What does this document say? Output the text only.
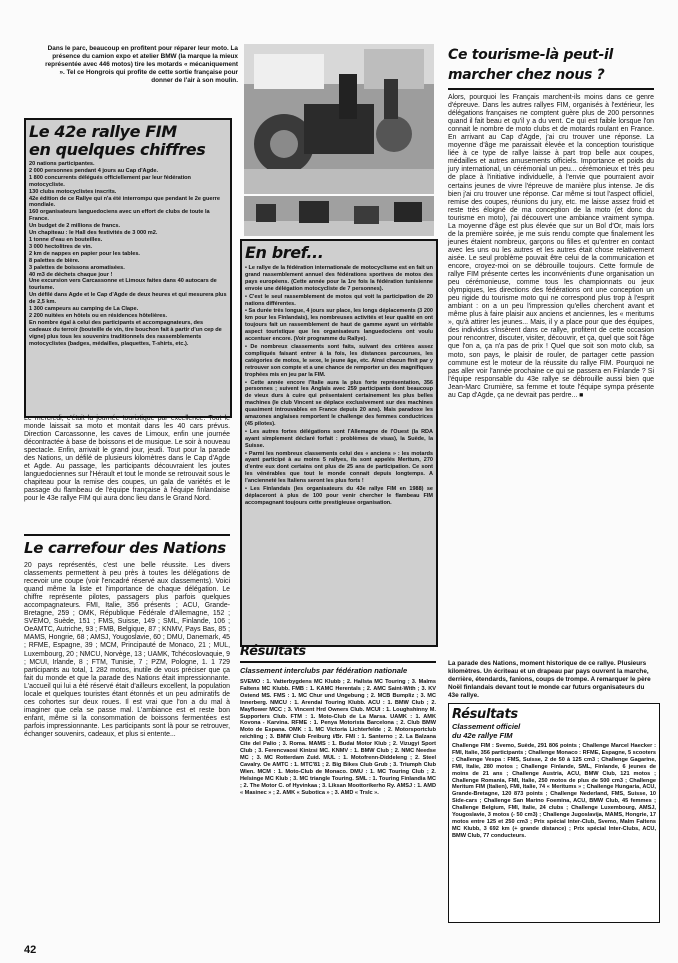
Dans le parc, beaucoup en profitent pour réparer leur moto. La présence du camion expo et atelier BMW (la marque la mieux représentée avec 446 motos) tire les motards « mécaniquement ». Tel ce Hongrois qui profite de cette sortie française pour donner de l'air à son moulin.
Le 42e rallye FIM
en quelques chiffres
20 nations participantes.
2 000 personnes pendant 4 jours au Cap d'Agde.
1 800 concurrents délégués officiellement par leur fédération motocycliste.
130 clubs motocyclistes inscrits.
42e édition de ce Rallye qui n'a été interrompu que pendant le 2e guerre mondiale.
160 organisateurs languedociens avec un effort de clubs de toute la France.
Un budget de 2 millions de francs.
Un chapiteau : le Hall des festivités de 3 000 m2.
1 tonne d'eau en bouteilles.
3 000 hectolitres de vin.
2 km de nappes en papier pour les tables.
8 palettes de bière.
3 palettes de boissons aromatisées.
40 m3 de déchets chaque jour !
Une excursion vers Carcassonne et Limoux faites dans 40 autocars de tourisme.
Un défilé dans Agde et le Cap d'Agde de deux heures et qui mesurera plus de 2,5 km.
1 300 campeurs au camping de La Clape.
2 200 nuitées en hôtels ou en résidences hôtelières.
En nombre égal à celui des participants et accompagnateurs, des cadeaux du terroir (bouteille de vin, tire bouchon fait à partir d'un cep de vigne) plus tous les souvenirs traditionnels des rassemblements motocyclistes (badges, médailles, plaquettes, T-shirts, etc.).
Le mercredi, c'était la journée touristique par excellence. Tout le monde laissait sa moto et montait dans les 40 cars prévus. Direction Carcassonne, les caves de Limoux, enfin une journée décontractée à base de boissons et de musique. Le soir à nouveau spectacle. Enfin, arrivait le grand jour, jeudi. Tout pour la parade des Nations, un défilé de plusieurs kilomètres dans le Cap d'Agde et Agde. Au passage, les participants découvraient les joutes languedociennes sur l'Hérault et tout le monde se retrouvait sous le chapiteau pour la remise des coupes, un gala de variétés et le passage du flambeau de l'équipe française à l'équipe finlandaise pour le 43e rallye FIM qui aura donc lieu dans le Grand Nord.
Le carrefour des Nations
20 pays représentés, c'est une belle réussite. Les divers classements permettent à peu près à toutes les délégations de recevoir une coupe (voir l'encadré réservé aux classements). Voici quand même la liste et l'importance de chaque délégation. Le chiffre représente pilotes, passagers plus parfois quelques accompagnateurs. FMI, Italie, 356 présents ; ACU, Grande-Bretagne, 259 ; OMK, République Fédérale d'Allemagne, 152 ; SVEMO, Suède, 151 ; FMS, Suisse, 149 ; SML, Finlande, 106 ; OeAMTC, Autriche, 93 ; FMB, Belgique, 87 ; KNMV, Pays Bas, 85 ; MAMS, Hongrie, 68 ; AMSJ, Yougoslavie, 60 ; DMU, Danemark, 45 ; RFME, Espagne, 39 ; MCM, Principauté de Monaco, 21 ; MUL, Luxembourg, 20 ; NMCU, Norvège, 13 ; UAMK, Tchécoslovaquie, 9 ; MCUI, Irlande, 8 ; FTM, Tunisie, 7 ; PZM, Pologne, 1. 1 729 participants au total, 1 282 motos, inutile de vous préciser que ça fait du monde et que la parade des Nations était impressionnante. L'accueil qui lui a été réservé était d'ailleurs excellent, la population locale et quelques touristes étant étonnés et un peu admiratifs de ces cohortes sur deux roues. Il est vrai que l'on a du mal à imaginer que cela se passe mal. L'ambiance est et reste bon enfant, même si la consommation de boissons fermentées est parfois impressionnante. Les participants sont là pour se retrouver, échanger souvenirs, cadeaux, et plus si entente...
En bref...

• Le rallye de la fédération internationale de motocyclisme est en fait un grand rassemblement annuel des fédérations sportives de motos des pays européens. (Cette année pour la 1re fois la fédération tunisienne envoie une délégation motocycliste de 7 personnes).

• C'est le seul rassemblement de motos qui voit la participation de 20 nations différentes.

• Sa durée très longue, 4 jours sur place, les longs déplacements (3 200 km pour les Finlandais), les nombreuses activités et leur qualité en ont toujours fait un rassemblement de haut de gamme ayant un véritable aspect touristique que les organisateurs languedociens ont voulu accentuer encore. (Voir programme du Rallye).

• De nombreux classements sont faits, suivant des critères assez compliqués faisant entrer à la fois, les distances parcourues, les catégories de motos, le sexe, le jeune âge, etc. Ainsi chacun finit par y retrouver son compte et a une chance de remporter un des magnifiques trophées mis en jeu par la FIM.

• Cette année encore l'Italie aura la plus forte représentation, 356 personnes ; suivent les Anglais avec 259 participants dont beaucoup de vieux durs à cuire qui présentaient certainement les plus belles machines (le club Vincent se déplace exclusivement sur des machines quasiment introuvables en France depuis 20 ans). Mais paradoxe les amazones anglaises remportent le challenge des femmes conductrices (45 pilotes).

• Les autres fortes délégations sont l'Allemagne de l'Ouest (la RDA ayant simplement déclaré forfait : problèmes de visas), la Suède, la Suisse.

• Parmi les nombreux classements celui des « anciens » : les motards ayant participé à au moins 5 rallyes, ils sont appelés Meritum, 270 d'entre eux dont certains ont plus de 25 ans de participation. Ce sont les vénérables que tout le monde connait depuis longtemps. A l'ancienneté les Italiens seront les plus forts !

• Les Finlandais (les organisateurs du 43e rallye FIM en 1988) se déplaceront à plus de 100 pour venir chercher le flambeau FIM accompagnant toujours cette prestigieuse organisation.

Résultats
Classement interclubs par fédération nationale
SVEMO : 1. Vatterbygdens MC Klubb ; 2. Hallsta MC Touring ; 3. Malms Faltens MC Klubb. FMB : 1. KAMC Herentals ; 2. AMC Saint-With ; 3. KV Ostend MS. FMS : 1. MC Chur und Ungebung ; 2. MCB Bumpliz ; 3. MC Innerberg. NMCU : 1. Arendal Touring Klubb. ACU : 1. BMW Club ; 2. Mayflower MCC ; 3. Vincent Hrd Owners Club. MCUI : 1. Loughshinny M. Supporters Club. FTM : 1. Moto-Club de La Marsa. UAMK : 1. AMK Kovona - Karvina. RFME : 1. Penya Motorista Barcelona ; 2. Club BMW Moto de Espana. OMK : 1. MC Victoria Lichterfelde ; 2. Motorsportclub reichling ; 3. BMW Club Freiburg i/Br. FMI : 1. Santerno ; 2. La Balzana Cite del Palio ; 3. Roma. MAMS : 1. Budai Motor Klub ; 2. Vizugyi Sport Club ; 3. Ferencvaosi Kinizsi MC. KNMV : 1. BMW Club ; 2. NMC Needse MC ; 3. MC Rotterdam Zuid. MUL : 1. Motofrenn-Diddeleng ; 2. Steel Cavalry. Oe AMTC : 1. MTC'81 ; 2. Big Bikes Club Grub ; 3. Triumph Club Wien. MCM : 1. Moto-Club de Monaco. DMU : 1. MC Touring Club ; 2. Helsinge MC Klub ; 3. MC triangle Touring. SML : 1. Touring Finlandia MC ; 2. The Motor C. of Hyvinkaa ; 3. Liksan Moottorikerho Ry. AMSJ : 1. AMD « Masinec » ; 2. AMK « Subotica » ; 3. AMD « Trslc ».
Ce tourisme-là peut-il
marcher chez nous ?
Alors, pourquoi les Français marchent-ils moins dans ce genre d'épreuve. Dans les autres rallyes FIM, organisés à l'extérieur, les délégations françaises ne comptent guère plus de 200 personnes quand il fait beau et qu'il y a du vent. Ce qui est faible lorsque l'on connait le nombre de moto clubs et de motards roulant en France. En arrivant au Cap d'Agde, j'ai cru trouver une réponse. La moyenne d'âge me paraissait élevée et la conception touristique liée à ce type de rallye laisse à part trop belle aux coupes, médailles et autres amusements officiels. Importance et poids du jury international, un cérémonial un peu... cérémonieux et très peu de place à l'initiative individuelle, à l'envie que pourraient avoir certains jeunes de vivre l'épreuve de manière plus intense. Je dis bien j'ai cru trouver une réponse. Car même si tout l'aspect officiel, remise des coupes, réunions du jury, etc. me laisse assez froid et reste très éloigné de ma conception de la moto (et donc du tourisme en moto), j'ai découvert une ambiance vraiment sympa. La moyenne d'âge est plus élevée que sur un Bol d'Or, mais lors de la première soirée, je me suis rendu compte que finalement les jeunes étaient nombreux, garçons ou filles et qu'entrer en contact avec les uns ou les autres et les autres était chose relativement aisée. Le seul problème pouvait être celui de la communication et encore, croyez-moi on se débrouille toujours. Cette formule de rallye FIM présente certes les inconvénients d'une organisation un peu cérémonieuse, comme tous les championnats ou jeux olympiques, les directions des fédérations ont une conception un peu rigide du tourisme moto qui ne correspond plus trop à l'esprit ambiant : on a un peu l'impression qu'elles cherchent avant et même plus à faire plaisir aux anciens et anciennes, les « meritums », qu'à attirer les jeunes... Mais, il y a place pour que des équipes, des individus s'insèrent dans ce rallye, profitent de cette occasion pour rencontrer, discuter, visiter, découvrir, et ça, quel que soit l'âge que l'on a, ça n'a pas de prix ! Quel que soit son moto club, sa moto, son pays, le plaisir de rouler, de partager cette passion commune est le moteur de la réussite du rallye FIM. Pourquoi ne pas aller voir l'année prochaine ce qui se passera en Finlande ? Si l'équipe responsable du 43e rallye se débrouille aussi bien que Jean-Marc Crumière, sa femme et toute l'équipe sympa présente au Cap d'Agde, ça ne devrait pas perdre... ■
La parade des Nations, moment historique de ce rallye. Plusieurs kilomètres. Un écriteau et un drapeau par pays ouvrent la marche, derrière, étendards, fanions, coups de trompe. A remarquer le père Noël finlandais devant tout le monde car futurs organisateurs du 43e rallye.
Résultats
Classement officiel
du 42e rallye FIM
Challenge FIM : Svemo, Suède, 291 806 points ; Challenge Marcel Haecker : FMI, Italie, 356 participants ; Challenge Monaco : RFME, Espagne, 5 scooters ; Challenge Vespa : FMS, Suisse, 2 de 50 à 125 cm3 ; Challenge Gagarine, FMI, Italie, 280 motos ; Challenge Finlande, SML, Finlande, 6 jeunes de moins de 21 ans ; Challenge Austria, ACU, BMW Club, 121 motos ; Challenge Romania, FMI, Italie, 250 motos de plus de 500 cm3 ; Challenge Meritum FIM (Italien), FMI, Italie, 74 « Meritums » ; Challenge Hungaria, ACU, Grande-Bretagne, 120 873 points ; Challenge Nederland, FMS, Suisse, 10 Side-cars ; Challenge San Marino Foemina, ACU, BMW Club, 45 femmes ; Challenge Belgium, FMI, Italie, 24 clubs ; Challenge Luxembourg, AMSJ, Yougoslavie, 3 motos (- 50 cm3) ; Challenge Jugoslavija, MAMS, Hongrie, 17 motos entre 125 et 250 cm3 ; Prix spécial Inter-Club, Svemo, Malm Faltens MC Klubb, 3 692 km (+ grande distance) ; Prix spécial Inter-Clubs, ACU, BMW Club, 77 conducteurs.
42
